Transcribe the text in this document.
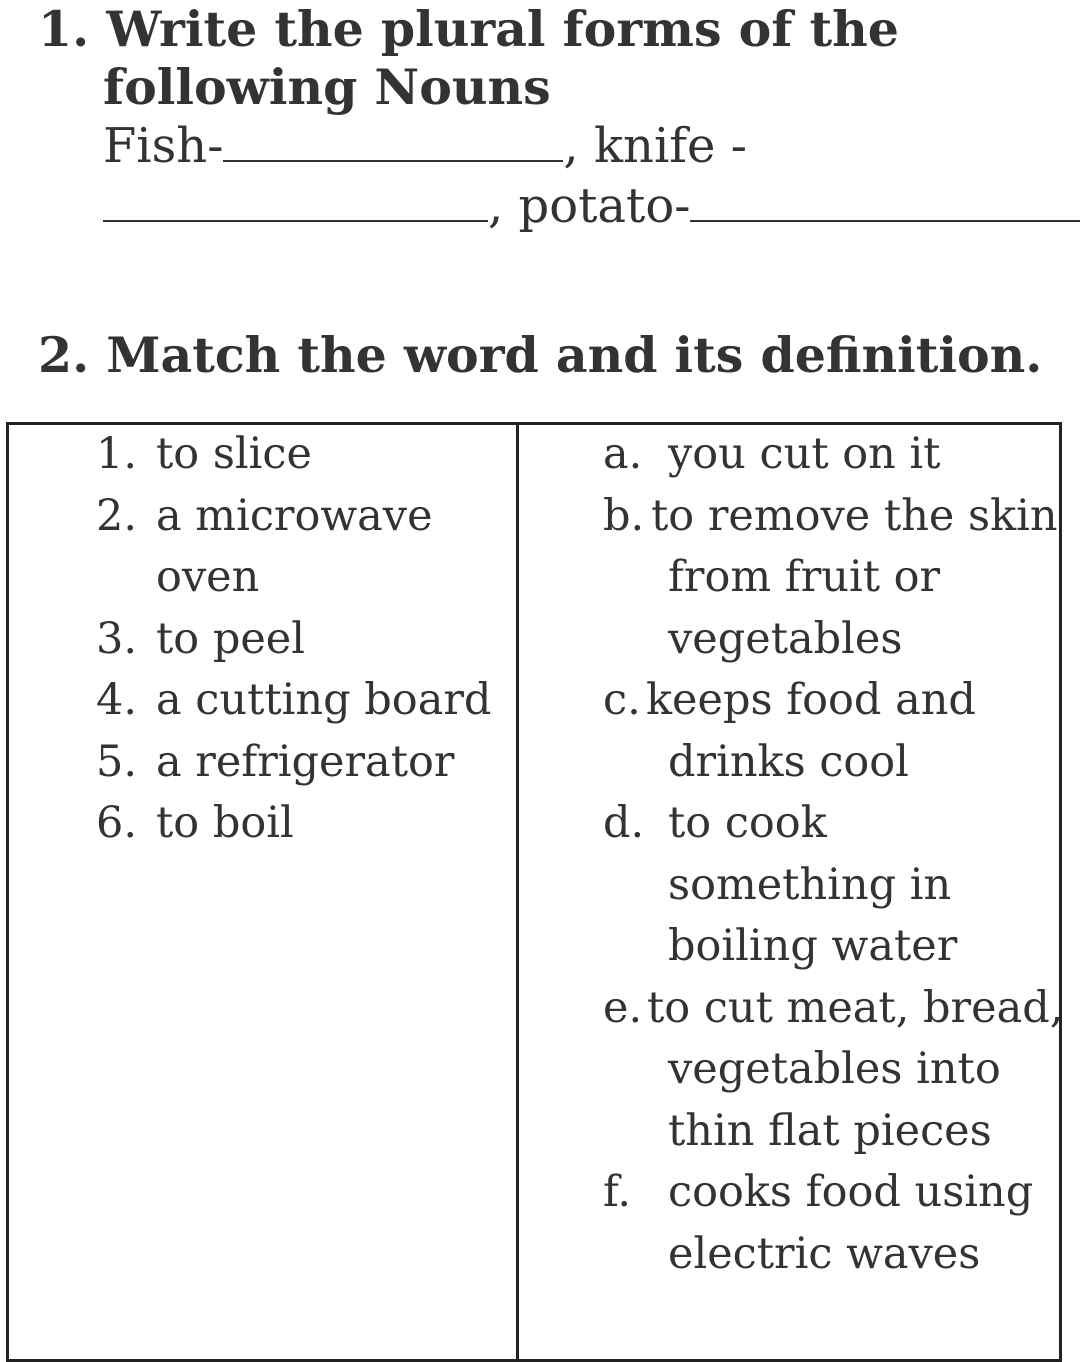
1. Write the plural forms of the
following Nouns
Fish-	, knife -
, potato-
2. Match the word and its definition.
1. to slice
2. a microwave
oven
3. to peel
4. a cutting board
5. a refrigerator
6. to boil
a. you cut on it
b. to remove the skin
from fruit or
vegetables
c. keeps food and
drinks cool
d. to cook
something in
boiling water
e. to cut meat, bread,
vegetables into
thin flat pieces
f. cooks food using
electric waves
